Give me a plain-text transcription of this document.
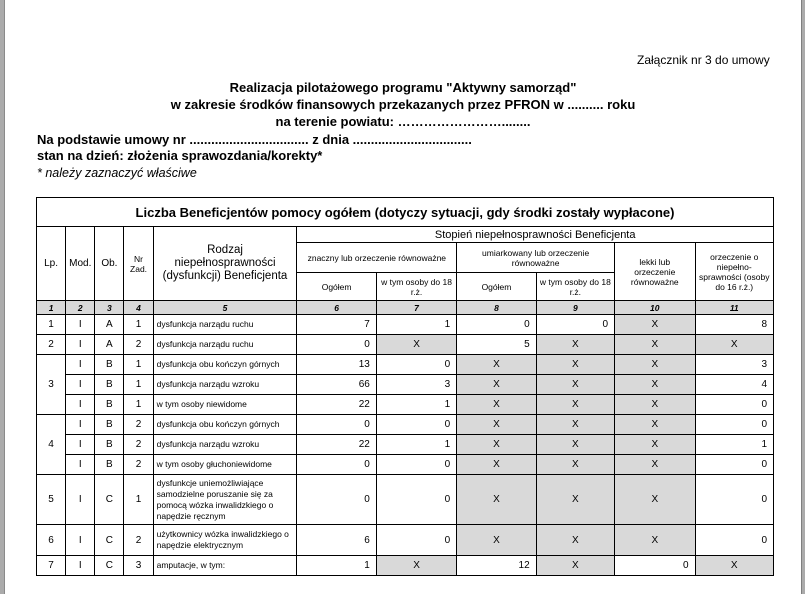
Załącznik nr 3 do umowy
Realizacja pilotażowego programu "Aktywny samorząd"
w zakresie środków finansowych przekazanych przez PFRON w .......... roku
na terenie powiatu: ……………………........
Na podstawie umowy nr ................................. z dnia .................................
stan na dzień: złożenia sprawozdania/korekty*
* należy zaznaczyć właściwe
Liczba Beneficjentów pomocy ogółem (dotyczy sytuacji, gdy środki zostały wypłacone)										
Lp.	Mod.	Ob.	Nr Zad.	Rodzaj niepełnosprawności (dysfunkcji) Beneficjenta	Stopień niepełnosprawności Beneficjenta					
					znaczny lub orzeczenie równoważne		umiarkowany lub orzeczenie równoważne		lekki lub orzeczenie równoważne	orzeczenie o niepełno-sprawności (osoby do 16 r.ż.)
					Ogółem	w tym osoby do 18 r.ż.	Ogółem	w tym osoby do 18 r.ż.		
1	2	3	4	5	6	7	8	9	10	11
1	I	A	1	dysfunkcja narządu ruchu	7	1	0	0	X	8
2	I	A	2	dysfunkcja narządu ruchu	0	X	5	X	X	X
3	I	B	1	dysfunkcja obu kończyn górnych	13	0	X	X	X	3
	I	B	1	dysfunkcja narządu wzroku	66	3	X	X	X	4
	I	B	1	w tym osoby niewidome	22	1	X	X	X	0
4	I	B	2	dysfunkcja obu kończyn górnych	0	0	X	X	X	0
	I	B	2	dysfunkcja narządu wzroku	22	1	X	X	X	1
	I	B	2	w tym osoby głuchoniewidome	0	0	X	X	X	0
5	I	C	1	dysfunkcje uniemożliwiające samodzielne poruszanie się za pomocą wózka inwalidzkiego o napędzie ręcznym	0	0	X	X	X	0
6	I	C	2	użytkownicy wózka inwalidzkiego o napędzie elektrycznym	6	0	X	X	X	0
7	I	C	3	amputacje, w tym:	1	X	12	X	0	X
